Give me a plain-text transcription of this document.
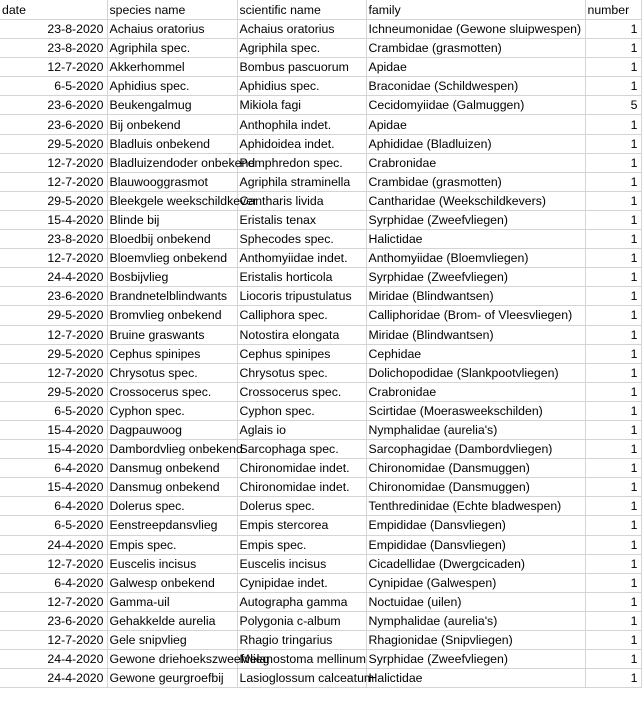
date	species name	scientific name	family	number
23-8-2020	Achaius oratorius	Achaius oratorius	Ichneumonidae (Gewone sluipwespen)	1
23-8-2020	Agriphila spec.	Agriphila spec.	Crambidae (grasmotten)	1
12-7-2020	Akkerhommel	Bombus pascuorum	Apidae	1
6-5-2020	Aphidius spec.	Aphidius spec.	Braconidae (Schildwespen)	1
23-6-2020	Beukengalmug	Mikiola fagi	Cecidomyiidae (Galmuggen)	5
23-6-2020	Bij onbekend	Anthophila indet.	Apidae	1
29-5-2020	Bladluis onbekend	Aphidoidea indet.	Aphididae (Bladluizen)	1
12-7-2020	Bladluizendoder onbekend	Pemphredon spec.	Crabronidae	1
12-7-2020	Blauwooggrasmot	Agriphila straminella	Crambidae (grasmotten)	1
29-5-2020	Bleekgele weekschildkever	Cantharis livida	Cantharidae (Weekschildkevers)	1
15-4-2020	Blinde bij	Eristalis tenax	Syrphidae (Zweefvliegen)	1
23-8-2020	Bloedbij onbekend	Sphecodes spec.	Halictidae	1
12-7-2020	Bloemvlieg onbekend	Anthomyiidae indet.	Anthomyiidae (Bloemvliegen)	1
24-4-2020	Bosbijvlieg	Eristalis horticola	Syrphidae (Zweefvliegen)	1
23-6-2020	Brandnetelblindwants	Liocoris tripustulatus	Miridae (Blindwantsen)	1
29-5-2020	Bromvlieg onbekend	Calliphora spec.	Calliphoridae (Brom- of Vleesvliegen)	1
12-7-2020	Bruine graswants	Notostira elongata	Miridae (Blindwantsen)	1
29-5-2020	Cephus spinipes	Cephus spinipes	Cephidae	1
12-7-2020	Chrysotus spec.	Chrysotus spec.	Dolichopodidae (Slankpootvliegen)	1
29-5-2020	Crossocerus spec.	Crossocerus spec.	Crabronidae	1
6-5-2020	Cyphon spec.	Cyphon spec.	Scirtidae (Moerasweekschilden)	1
15-4-2020	Dagpauwoog	Aglais io	Nymphalidae (aurelia's)	1
15-4-2020	Dambordvlieg onbekend	Sarcophaga spec.	Sarcophagidae (Dambordvliegen)	1
6-4-2020	Dansmug onbekend	Chironomidae indet.	Chironomidae (Dansmuggen)	1
15-4-2020	Dansmug onbekend	Chironomidae indet.	Chironomidae (Dansmuggen)	1
6-4-2020	Dolerus spec.	Dolerus spec.	Tenthredinidae (Echte bladwespen)	1
6-5-2020	Eenstreepdansvlieg	Empis stercorea	Empididae (Dansvliegen)	1
24-4-2020	Empis spec.	Empis spec.	Empididae (Dansvliegen)	1
12-7-2020	Euscelis incisus	Euscelis incisus	Cicadellidae (Dwergcicaden)	1
6-4-2020	Galwesp onbekend	Cynipidae indet.	Cynipidae (Galwespen)	1
12-7-2020	Gamma-uil	Autographa gamma	Noctuidae (uilen)	1
23-6-2020	Gehakkelde aurelia	Polygonia c-album	Nymphalidae (aurelia's)	1
12-7-2020	Gele snipvlieg	Rhagio tringarius	Rhagionidae (Snipvliegen)	1
24-4-2020	Gewone driehoekszweefvlieg	Melanostoma mellinum	Syrphidae (Zweefvliegen)	1
24-4-2020	Gewone geurgroefbij	Lasioglossum calceatum	Halictidae	1
